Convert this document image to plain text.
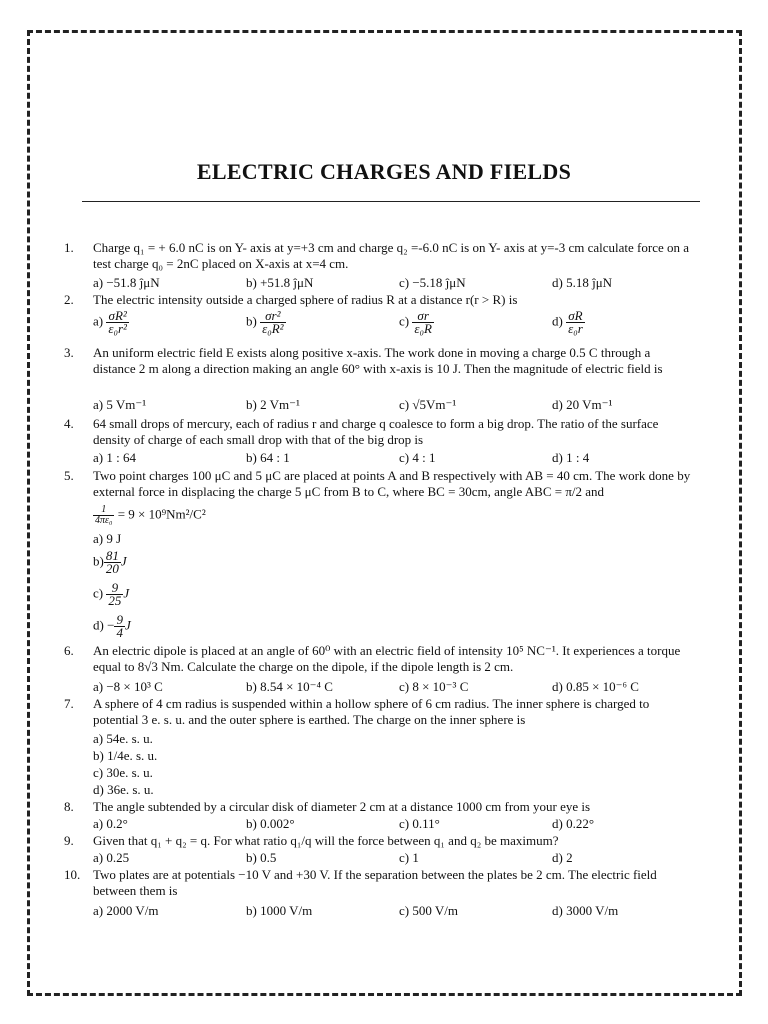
ELECTRIC CHARGES AND FIELDS
1. Charge q₁ = + 6.0 nC is on Y- axis at y=+3 cm and charge q₂ =-6.0 nC is on Y- axis at y=-3 cm calculate force on a test charge q₀ = 2nC placed on X-axis at x=4 cm.
a) −51.8 ĵμN	b) +51.8 ĵμN	c) −5.18 ĵμN	d) 5.18 ĵμN
2. The electric intensity outside a charged sphere of radius R at a distance r(r > R) is
$a) \frac{\text{σR²}}{\text{ε₀r²}}$	$b) \frac{\text{σr²}}{\text{ε₀R²}}$	$c) \frac{\sigma r}{\text{ε₀R}}$	$d) \frac{\sigma R}{\text{ε₀r}}$
3. An uniform electric field E exists along positive x-axis. The work done in moving a charge 0.5 C through a distance 2 m along a direction making an angle 60° with x-axis is 10 J. Then the magnitude of electric field is
a) 5 Vm⁻¹	b) 2 Vm⁻¹	c) √5Vm⁻¹	d) 20 Vm⁻¹
4. 64 small drops of mercury, each of radius r and charge q coalesce to form a big drop. The ratio of the surface density of charge of each small drop with that of the big drop is
a) 1 : 64	b) 64 : 1	c) 4 : 1	d) 1 : 4
5. Two point charges 100 μC and 5 μC are placed at points A and B respectively with AB = 40 cm. The work done by external force in displacing the charge 5 μC from B to C, where BC = 30cm, angle ABC = π/2 and
$\frac{1}{\text{4πε₀}} = 9 \times 10^9Nm^2/C^2$
a) 9 J
$b) \frac{81}{20}$ J
$c) \frac{9}{25}$ J
$d) - \frac{9}{4}$ J
6. An electric dipole is placed at an angle of 60⁰ with an electric field of intensity 10⁵ NC⁻¹. It experiences a torque equal to 8√3 Nm. Calculate the charge on the dipole, if the dipole length is 2 cm.
a) −8 × 10³ C	b) 8.54 × 10⁻⁴ C	c) 8 × 10⁻³ C	d) 0.85 × 10⁻⁶ C
7. A sphere of 4 cm radius is suspended within a hollow sphere of 6 cm radius. The inner sphere is charged to potential 3 e. s. u. and the outer sphere is earthed. The charge on the inner sphere is
a) 54e. s. u.
b) 1/4e. s. u.
c) 30e. s. u.
d) 36e. s. u.
8. The angle subtended by a circular disk of diameter 2 cm at a distance 1000 cm from your eye is
a) 0.2°	b) 0.002°	c) 0.11°	d) 0.22°
9. Given that q₁ + q₂ = q. For what ratio q₁/q will the force between q₁ and q₂ be maximum?
a) 0.25	b) 0.5	c) 1	d) 2
10. Two plates are at potentials −10 V and +30 V. If the separation between the plates be 2 cm. The electric field between them is
a) 2000 V/m	b) 1000 V/m	c) 500 V/m	d) 3000 V/m
